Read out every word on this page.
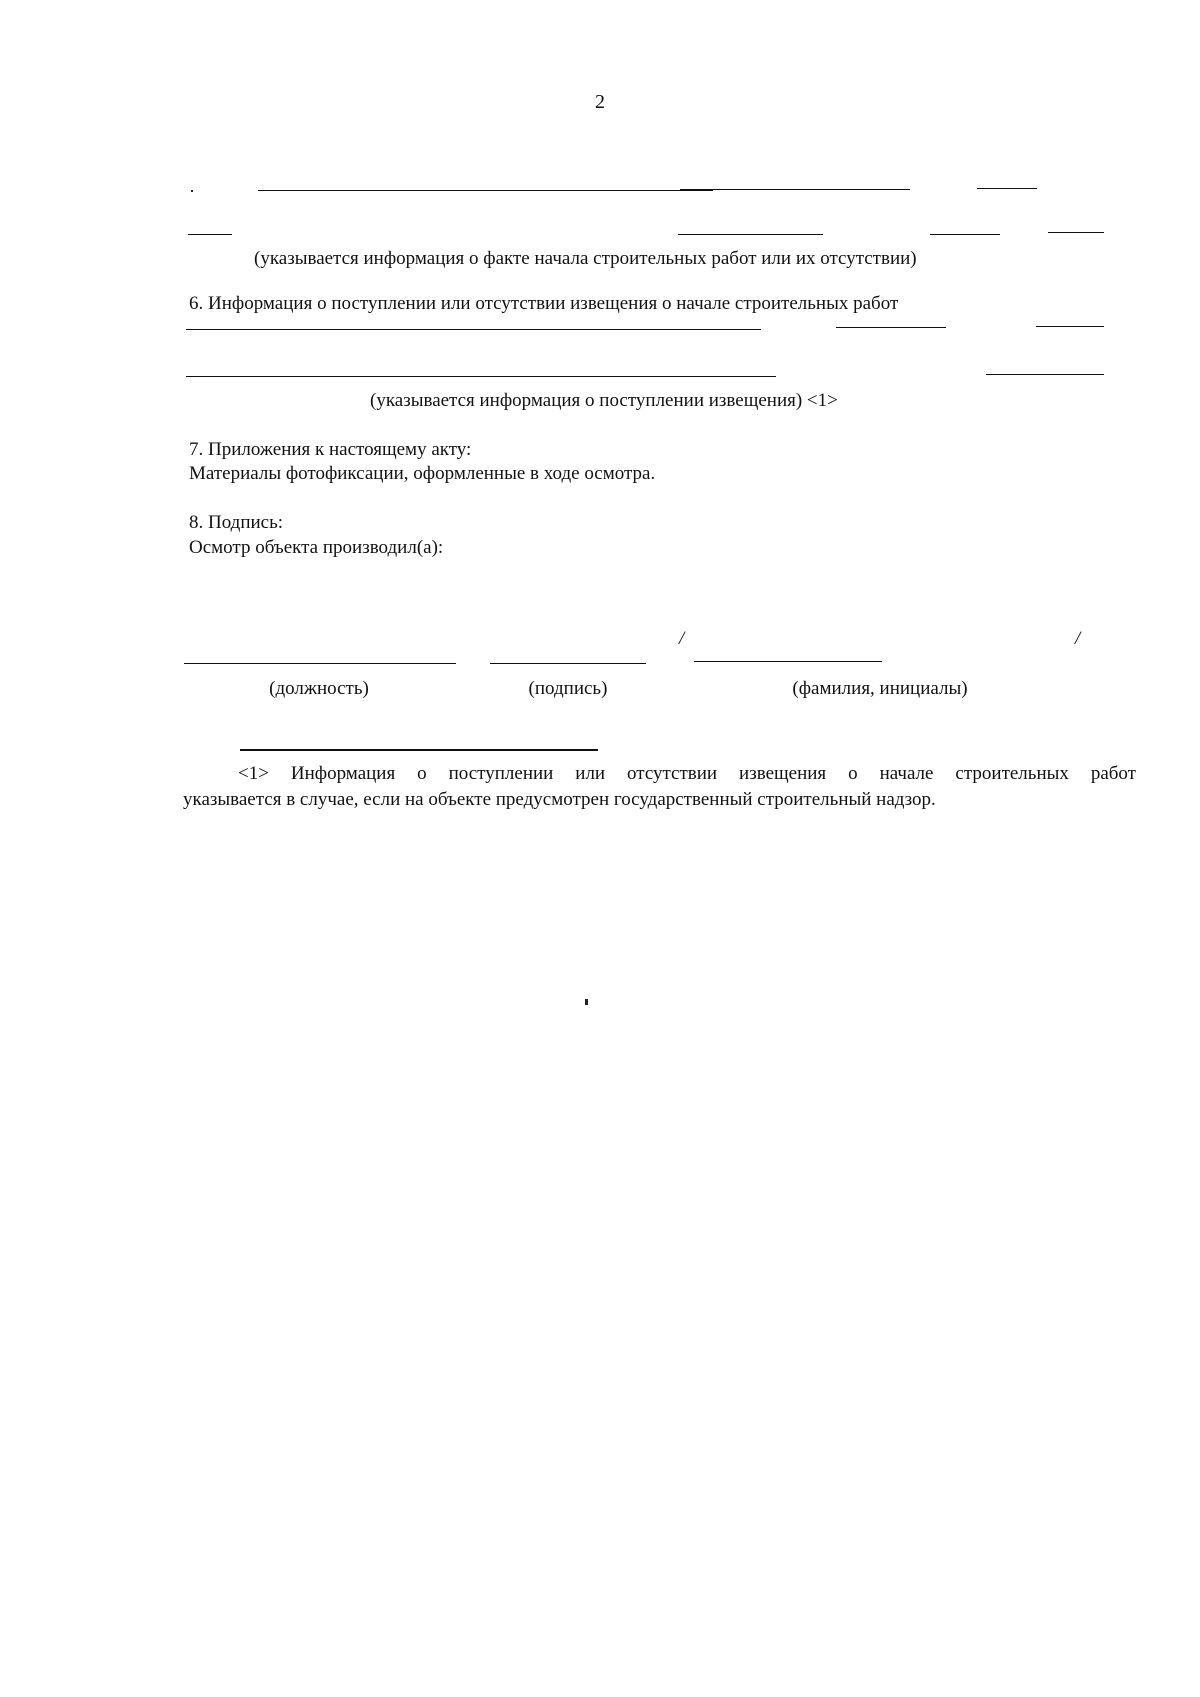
2
(указывается информация о факте начала строительных работ или их отсутствии)
6. Информация о поступлении или отсутствии извещения о начале строительных работ
(указывается информация о поступлении извещения) <1>
7. Приложения к настоящему акту:
Материалы фотофиксации, оформленные в ходе осмотра.
8. Подпись:
Осмотр объекта производил(а):
/	/
(должность)	(подпись)	(фамилия, инициалы)
<1> Информация о поступлении или отсутствии извещения о начале строительных работ
указывается в случае, если на объекте предусмотрен государственный строительный надзор.
